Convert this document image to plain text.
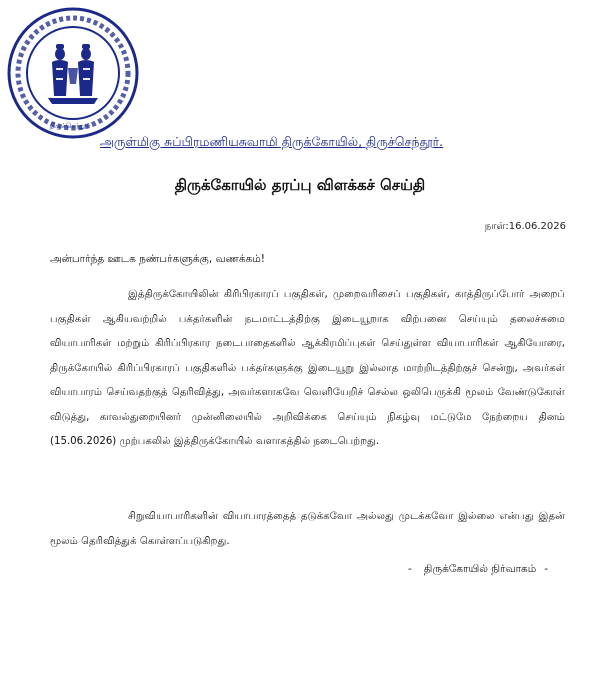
திருச்செந்தூர்
அருள்மிகு சுப்பிரமணியசுவாமி திருக்கோயில், திருச்செந்தூர்.
திருக்கோயில் தரப்பு விளக்கச் செய்தி
நாள்:16.06.2026
அன்பார்ந்த ஊடக நண்பர்களுக்கு, வணக்கம்!
இத்திருக்கோயிலின் கிரிபிரகாரப் பகுதிகள், முறைவரிசைப் பகுதிகள், காத்திருப்போர் அறைப் பகுதிகள் ஆகியவற்றில் பக்தர்களின் நடமாட்டத்திற்கு இடையூறாக விற்பனை செய்யும் தலைச்சுமை வியாபாரிகள் மற்றும் கிரிப்பிரகார நடைபாதைகளில் ஆக்கிரமிப்புகள் செய்துள்ள வியாபாரிகள் ஆகியோரை, திருக்கோயில் கிரிப்பிரகாரப் பகுதிகளில் பக்தர்களுக்கு இடையூறு இல்லாத மாற்றிடத்திற்குச் சென்று, அவர்கள் வியாபாரம் செய்வதற்குத் தெரிவித்து, அவர்களாகவே வெளியேறிச் செல்ல ஒலிபெருக்கி மூலம் வேண்டுகோள் விடுத்து, காவல்துறையினர் முன்னிலையில் அறிவிக்கை செய்யும் நிகழ்வு மட்டுமே நேற்றைய தினம் (15.06.2026) முற்பகலில் இத்திருக்கோயில் வளாகத்தில் நடைபெற்றது.
சிறுவியாபாரிகளின் வியாபாரத்தைத் தடுக்கவோ அல்லது முடக்கவோ இல்லை என்பது இதன் மூலம் தெரிவித்துக் கொள்ளப்படுகிறது.
- திருக்கோயில் நிர்வாகம் -
